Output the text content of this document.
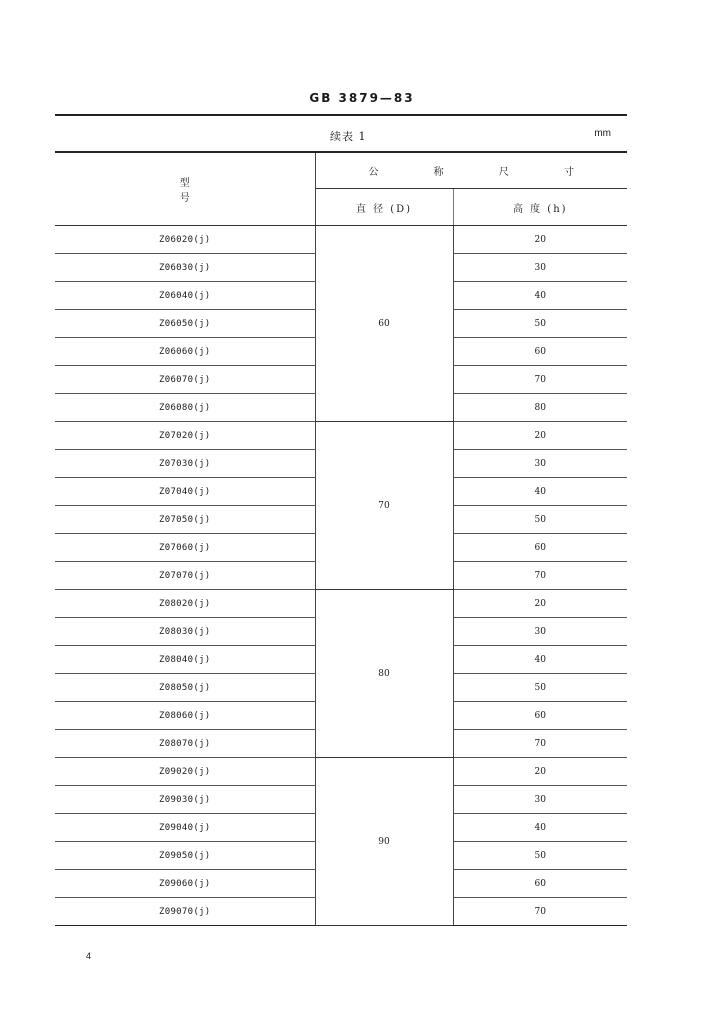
GB 3879—83
续表 1	mm
型 号	公 称 尺 寸	
	直 径 (D)	高 度 (h)
Z06020(j)	60	20
Z06030(j)		30
Z06040(j)		40
Z06050(j)		50
Z06060(j)		60
Z06070(j)		70
Z06080(j)		80
Z07020(j)	70	20
Z07030(j)		30
Z07040(j)		40
Z07050(j)		50
Z07060(j)		60
Z07070(j)		70
Z08020(j)	80	20
Z08030(j)		30
Z08040(j)		40
Z08050(j)		50
Z08060(j)		60
Z08070(j)		70
Z09020(j)	90	20
Z09030(j)		30
Z09040(j)		40
Z09050(j)		50
Z09060(j)		60
Z09070(j)		70
4
